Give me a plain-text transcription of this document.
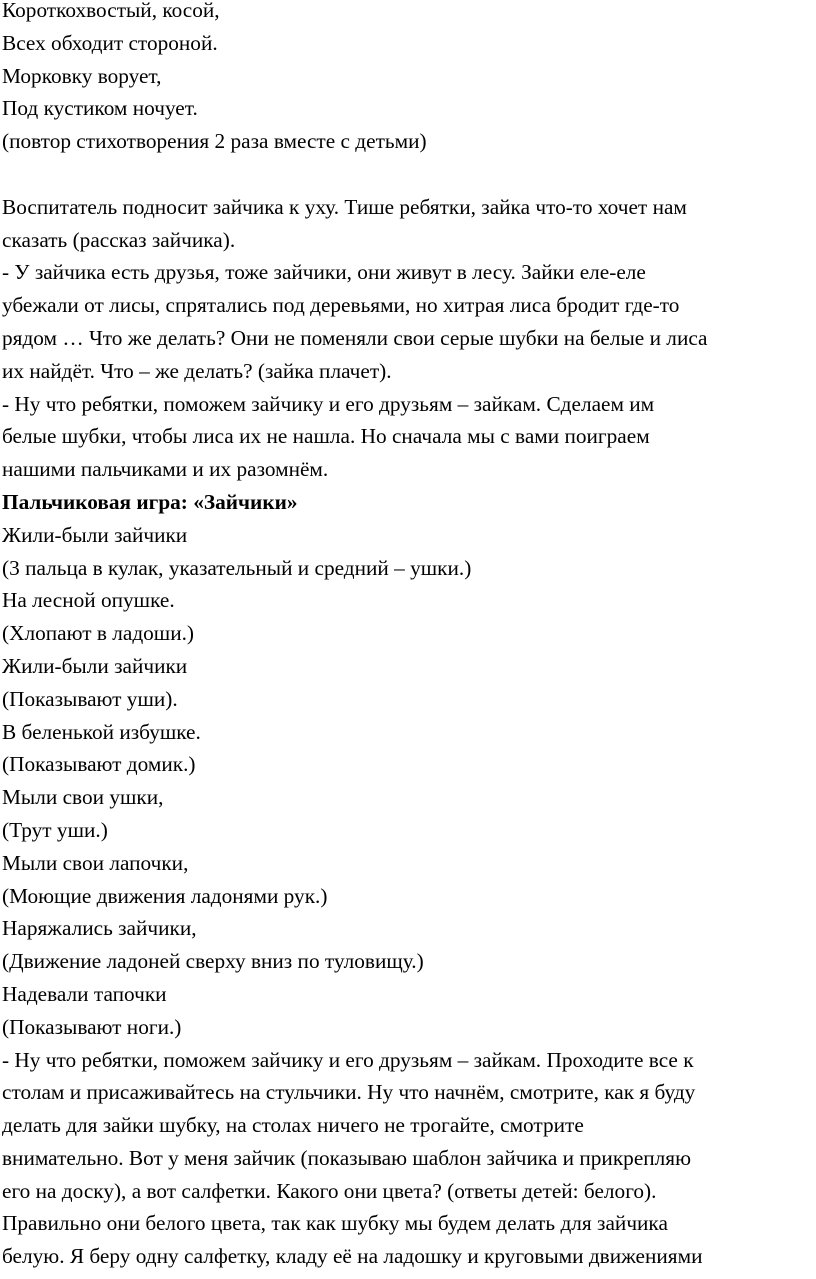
Короткохвостый, косой,
Всех обходит стороной.
Морковку ворует,
Под кустиком ночует.
(повтор стихотворения 2 раза вместе с детьми)
Воспитатель подносит зайчика к уху. Тише ребятки, зайка что-то хочет нам
сказать (рассказ зайчика).
- У зайчика есть друзья, тоже зайчики, они живут в лесу. Зайки еле-еле
убежали от лисы, спрятались под деревьями, но хитрая лиса бродит где-то
рядом … Что же делать? Они не поменяли свои серые шубки на белые и лиса
их найдёт. Что – же делать? (зайка плачет).
- Ну что ребятки, поможем зайчику и его друзьям – зайкам. Сделаем им
белые шубки, чтобы лиса их не нашла. Но сначала мы с вами поиграем
нашими пальчиками и их разомнём.
Пальчиковая игра: «Зайчики»
Жили-были зайчики
(3 пальца в кулак, указательный и средний – ушки.)
На лесной опушке.
(Хлопают в ладоши.)
Жили-были зайчики
(Показывают уши).
В беленькой избушке.
(Показывают домик.)
Мыли свои ушки,
(Трут уши.)
Мыли свои лапочки,
(Моющие движения ладонями рук.)
Наряжались зайчики,
(Движение ладоней сверху вниз по туловищу.)
Надевали тапочки
(Показывают ноги.)
- Ну что ребятки, поможем зайчику и его друзьям – зайкам. Проходите все к
столам и присаживайтесь на стульчики. Ну что начнём, смотрите, как я буду
делать для зайки шубку, на столах ничего не трогайте, смотрите
внимательно. Вот у меня зайчик (показываю шаблон зайчика и прикрепляю
его на доску), а вот салфетки. Какого они цвета? (ответы детей: белого).
Правильно они белого цвета, так как шубку мы будем делать для зайчика
белую. Я беру одну салфетку, кладу её на ладошку и круговыми движениями
